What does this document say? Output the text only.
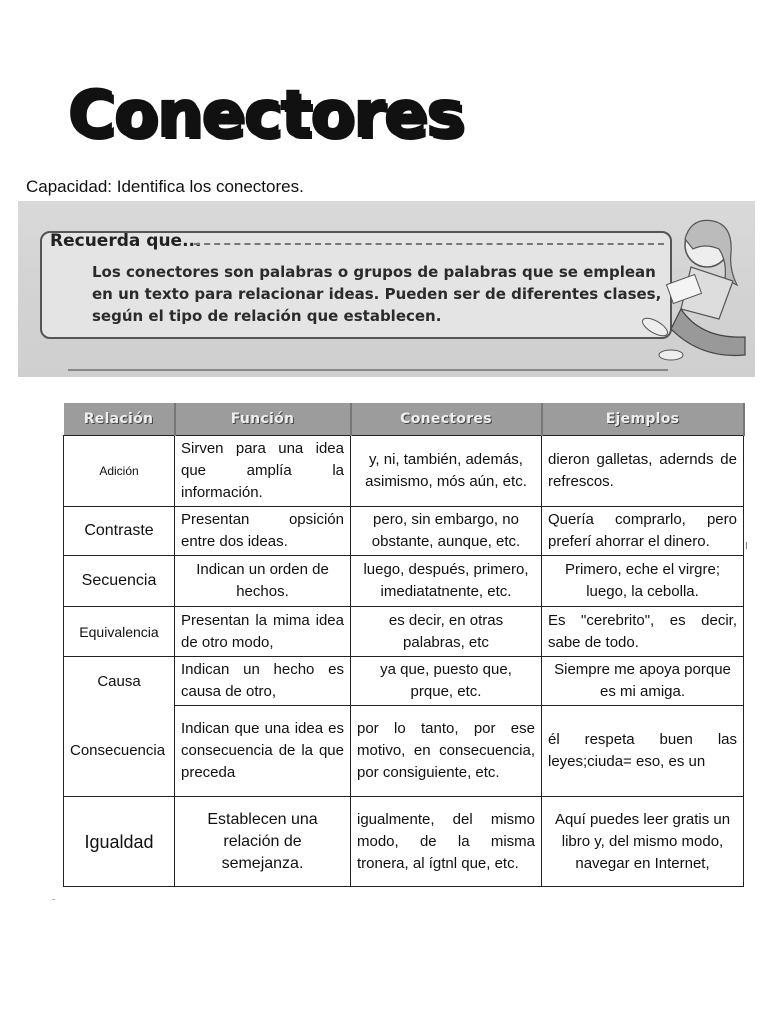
Conectores
Capacidad: Identifica los conectores.
Recuerda que...
Los conectores son palabras o grupos de palabras que se emplean en un texto para relacionar ideas. Pueden ser de diferentes clases, según el tipo de relación que establecen.
Relación	Función	Conectores	Ejemplos
Adición	Sirven para una idea que amplía la información.	y, ni, también, además, asimismo, mós aún, etc.	dieron galletas, adernds de refrescos.
Contraste	Presentan opsición entre dos ideas.	pero, sin embargo, no obstante, aunque, etc.	Quería comprarlo, pero preferí ahorrar el dinero.
Secuencia	Indican un orden de hechos.	luego, después, primero, imediatatnente, etc.	Primero, eche el virgre; luego, la cebolla.
Equivalencia	Presentan la mima idea de otro modo,	es decir, en otras palabras, etc	Es "cerebrito", es decir, sabe de todo.
Causa	Indican un hecho es causa de otro,	ya que, puesto que, prque, etc.	Siempre me apoya porque es mi amiga.
Consecuencia	Indican que una idea es consecuencia de la que preceda	por lo tanto, por ese motivo, en consecuencia, por consiguiente, etc.	él respeta buen las leyes;ciuda= eso, es un
Igualdad	Establecen una relación de semejanza.	igualmente, del mismo modo, de la misma tronera, al ígtnl que, etc.	Aquí puedes leer gratis un libro y, del mismo modo, navegar en Internet,
I
˜
